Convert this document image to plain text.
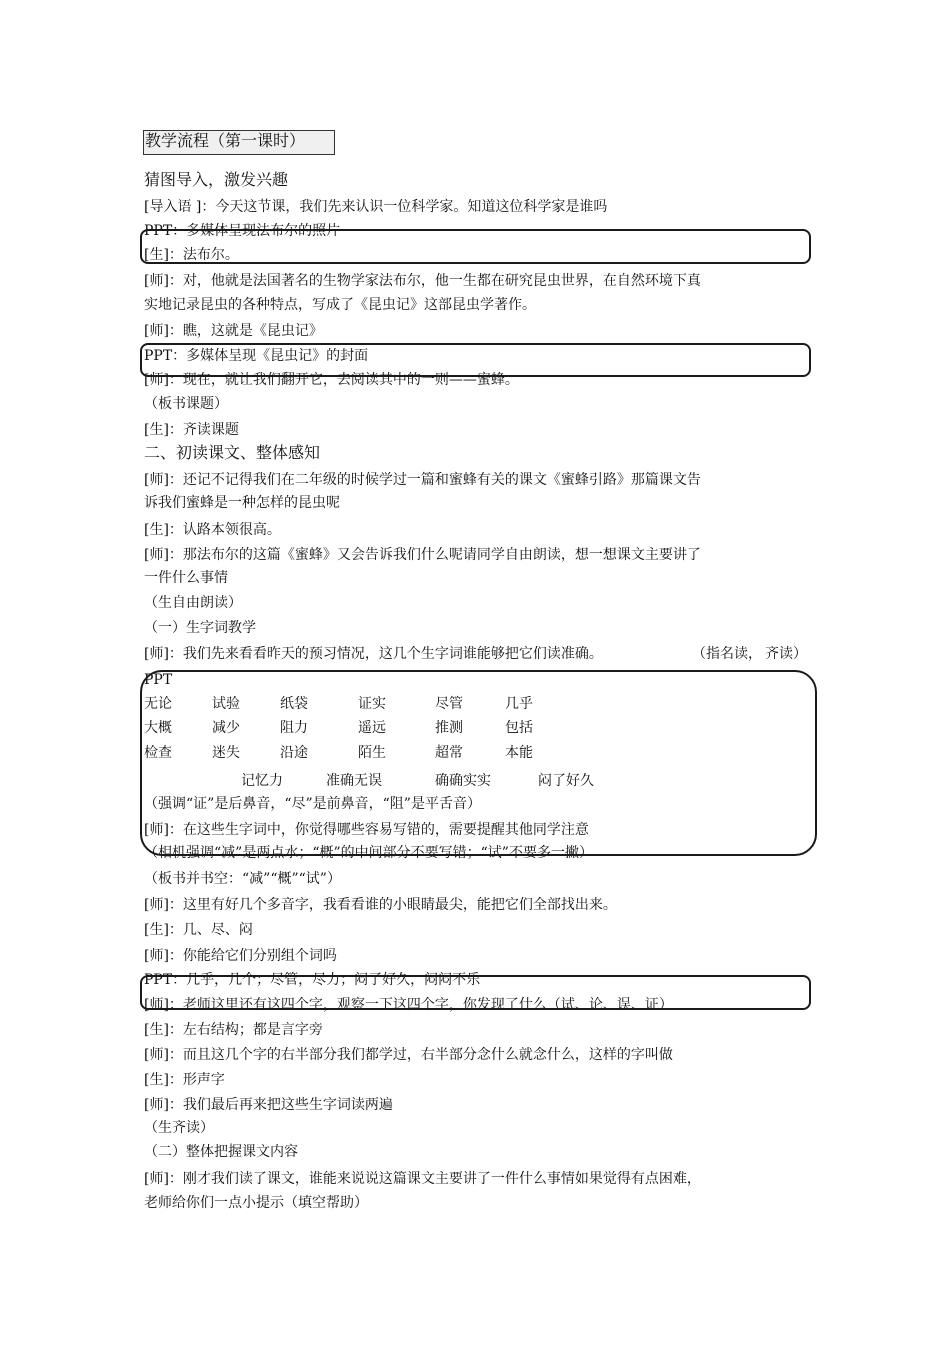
教学流程（第一课时）
猜图导入，激发兴趣
[导入语 ]：今天这节课，我们先来认识一位科学家。知道这位科学家是谁吗
PPT：多媒体呈现法布尔的照片
[生]：法布尔。
[师]：对，他就是法国著名的生物学家法布尔，他一生都在研究昆虫世界，在自然环境下真
实地记录昆虫的各种特点，写成了《昆虫记》这部昆虫学著作。
[师]：瞧，这就是《昆虫记》
PPT：多媒体呈现《昆虫记》的封面
[师]：现在，就让我们翻开它，去阅读其中的一则——蜜蜂。
（板书课题）
[生]：齐读课题
二、初读课文、整体感知
[师]：还记不记得我们在二年级的时候学过一篇和蜜蜂有关的课文《蜜蜂引路》那篇课文告
诉我们蜜蜂是一种怎样的昆虫呢
[生]：认路本领很高。
[师]：那法布尔的这篇《蜜蜂》又会告诉我们什么呢请同学自由朗读，想一想课文主要讲了
一件什么事情
（生自由朗读）
（一）生字词教学
[师]：我们先来看看昨天的预习情况，这几个生字词谁能够把它们读准确。	（指名读， 齐读）
PPT
无论	试验	纸袋	证实	尽管	几乎
大概	减少	阻力	遥远	推测	包括
检查	迷失	沿途	陌生	超常	本能
记忆力	准确无误	确确实实	闷了好久
（强调“证”是后鼻音，“尽”是前鼻音，“阻”是平舌音）
[师]：在这些生字词中，你觉得哪些容易写错的，需要提醒其他同学注意
（相机强调“减”是两点水；“概”的中间部分不要写错；“试”不要多一撇）
（板书并书空：“减”“概”“试”）
[师]：这里有好几个多音字，我看看谁的小眼睛最尖，能把它们全部找出来。
[生]：几、尽、闷
[师]：你能给它们分别组个词吗
PPT：几乎，几个；尽管，尽力；闷了好久，闷闷不乐
[师]：老师这里还有这四个字，观察一下这四个字，你发现了什么（试、论、误、证）
[生]：左右结构；都是言字旁
[师]：而且这几个字的右半部分我们都学过，右半部分念什么就念什么，这样的字叫做
[生]：形声字
[师]：我们最后再来把这些生字词读两遍
（生齐读）
（二）整体把握课文内容
[师]：刚才我们读了课文，谁能来说说这篇课文主要讲了一件什么事情如果觉得有点困难，
老师给你们一点小提示（填空帮助）
